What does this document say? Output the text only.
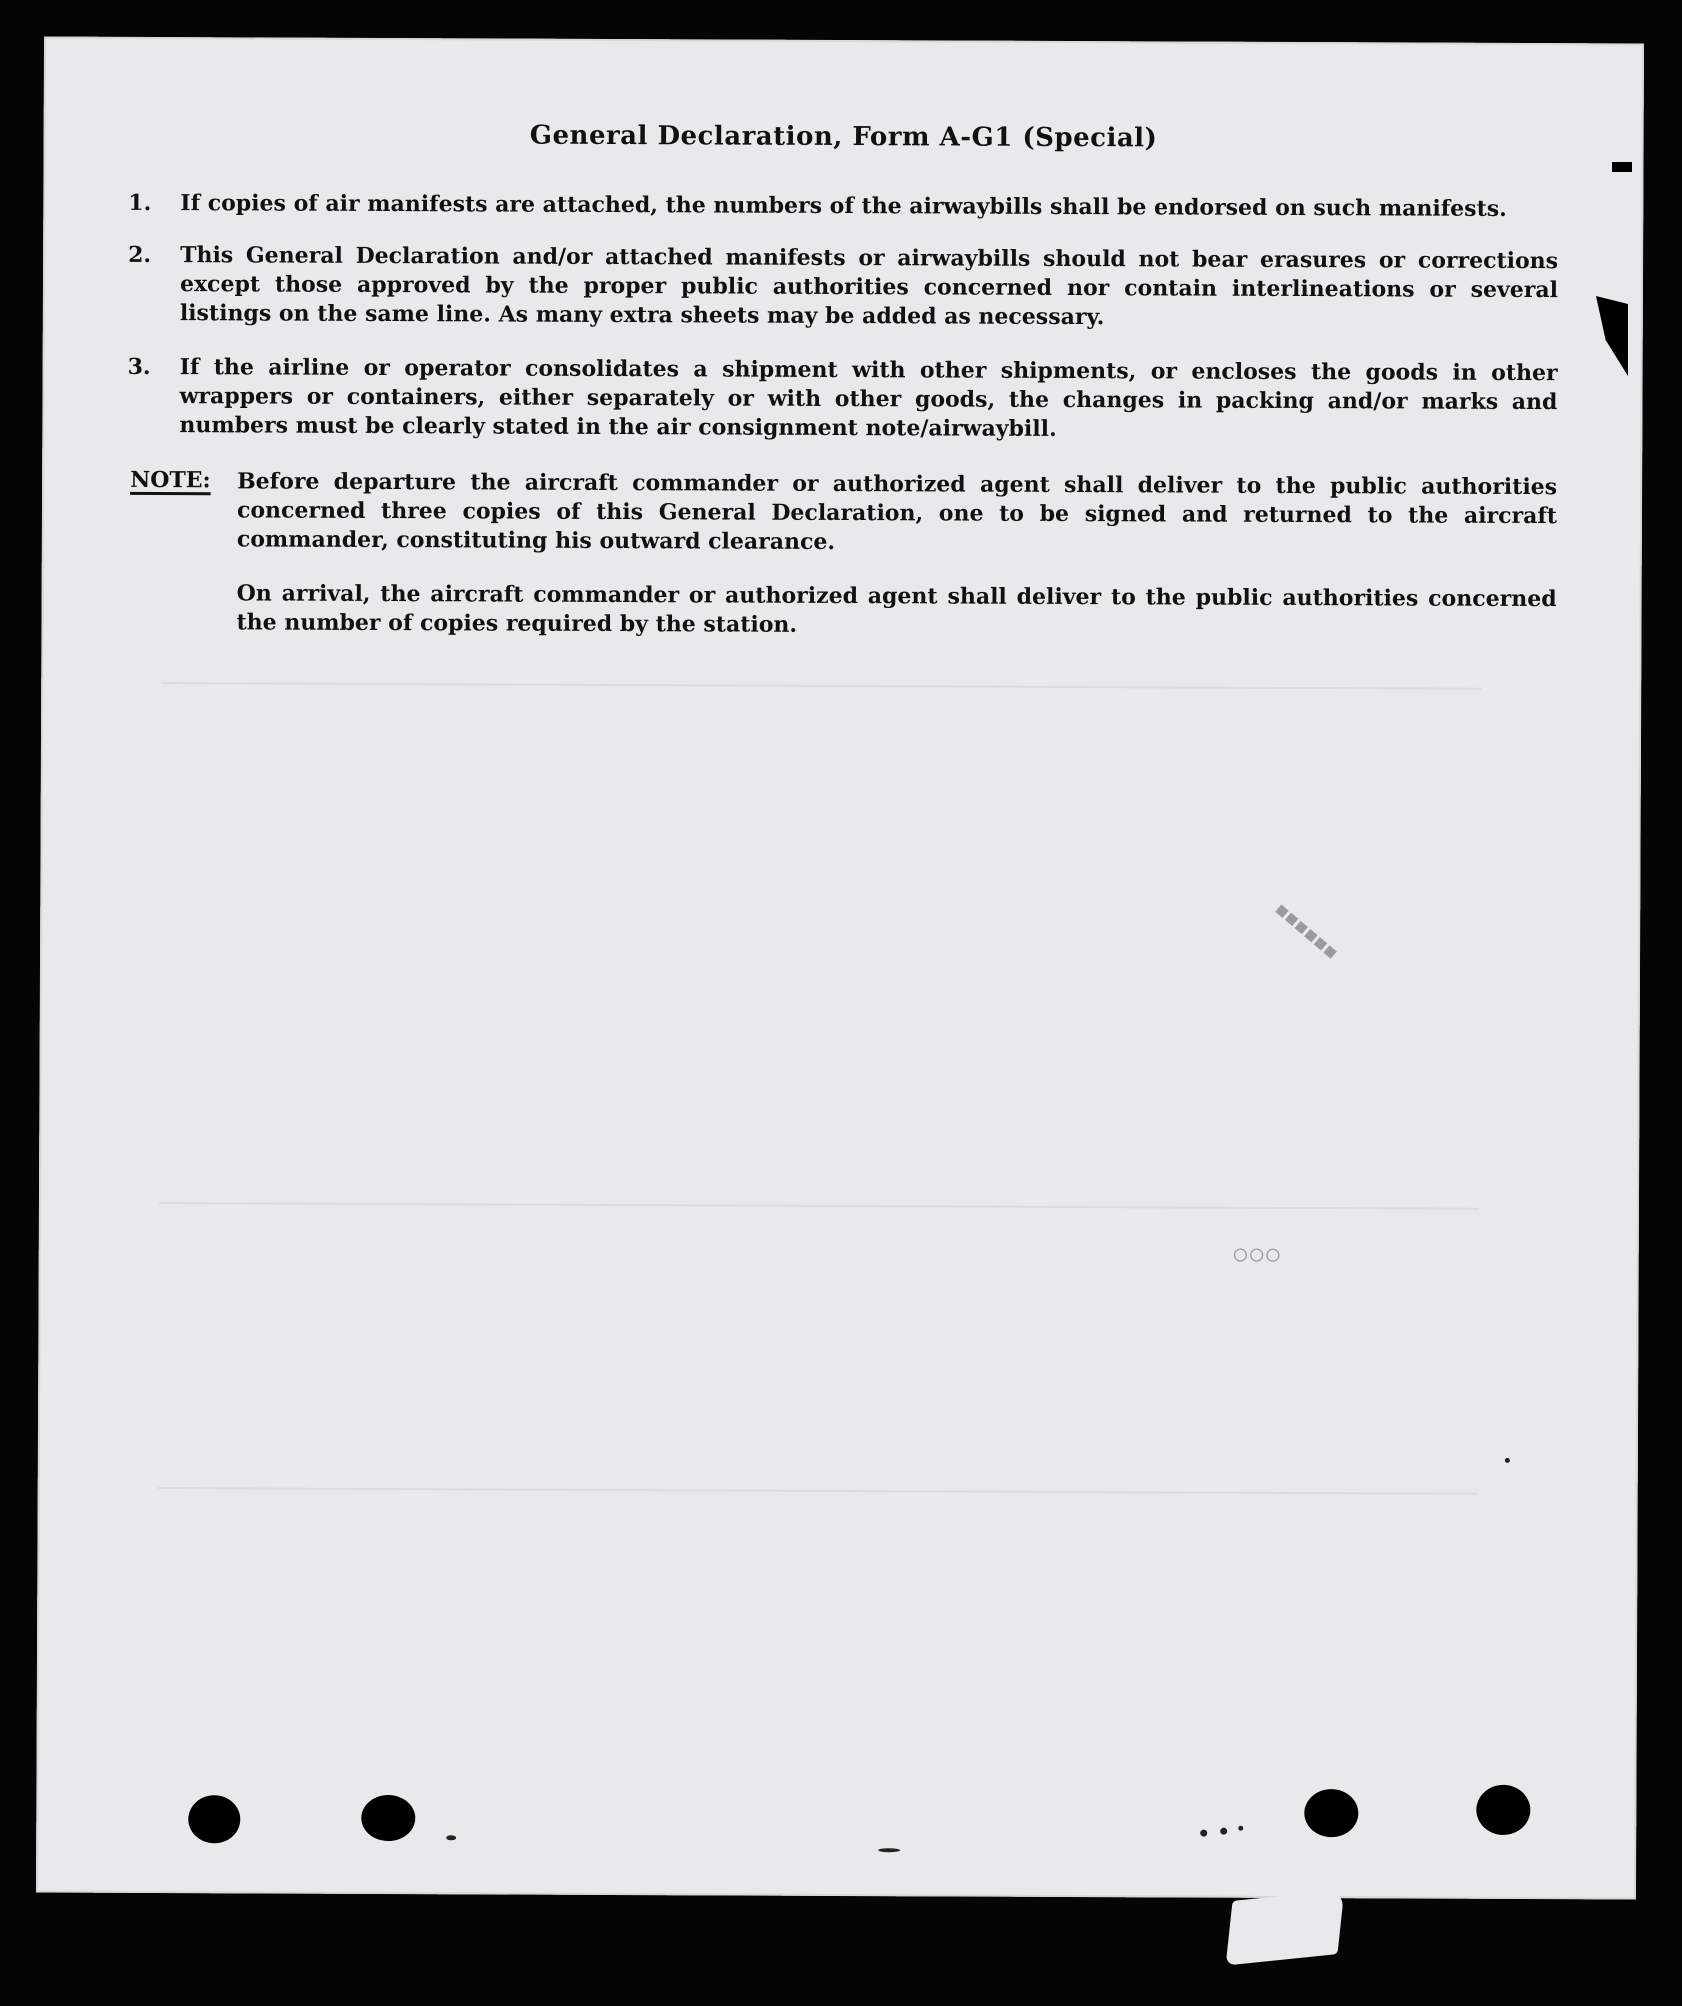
General Declaration, Form A-G1 (Special)
1.	If copies of air manifests are attached, the numbers of the airwaybills shall be endorsed on such manifests.
2.	This General Declaration and/or attached manifests or airwaybills should not bear erasures or corrections except those approved by the proper public authorities concerned nor contain interlineations or several listings on the same line. As many extra sheets may be added as necessary.
3.	If the airline or operator consolidates a shipment with other shipments, or encloses the goods in other wrappers or containers, either separately or with other goods, the changes in packing and/or marks and numbers must be clearly stated in the air consignment note/airwaybill.
NOTE: Before departure the aircraft commander or authorized agent shall deliver to the public authorities concerned three copies of this General Declaration, one to be signed and returned to the aircraft commander, constituting his outward clearance.
On arrival, the aircraft commander or authorized agent shall deliver to the public authorities concerned the number of copies required by the station.
○○○
■■■■■■
